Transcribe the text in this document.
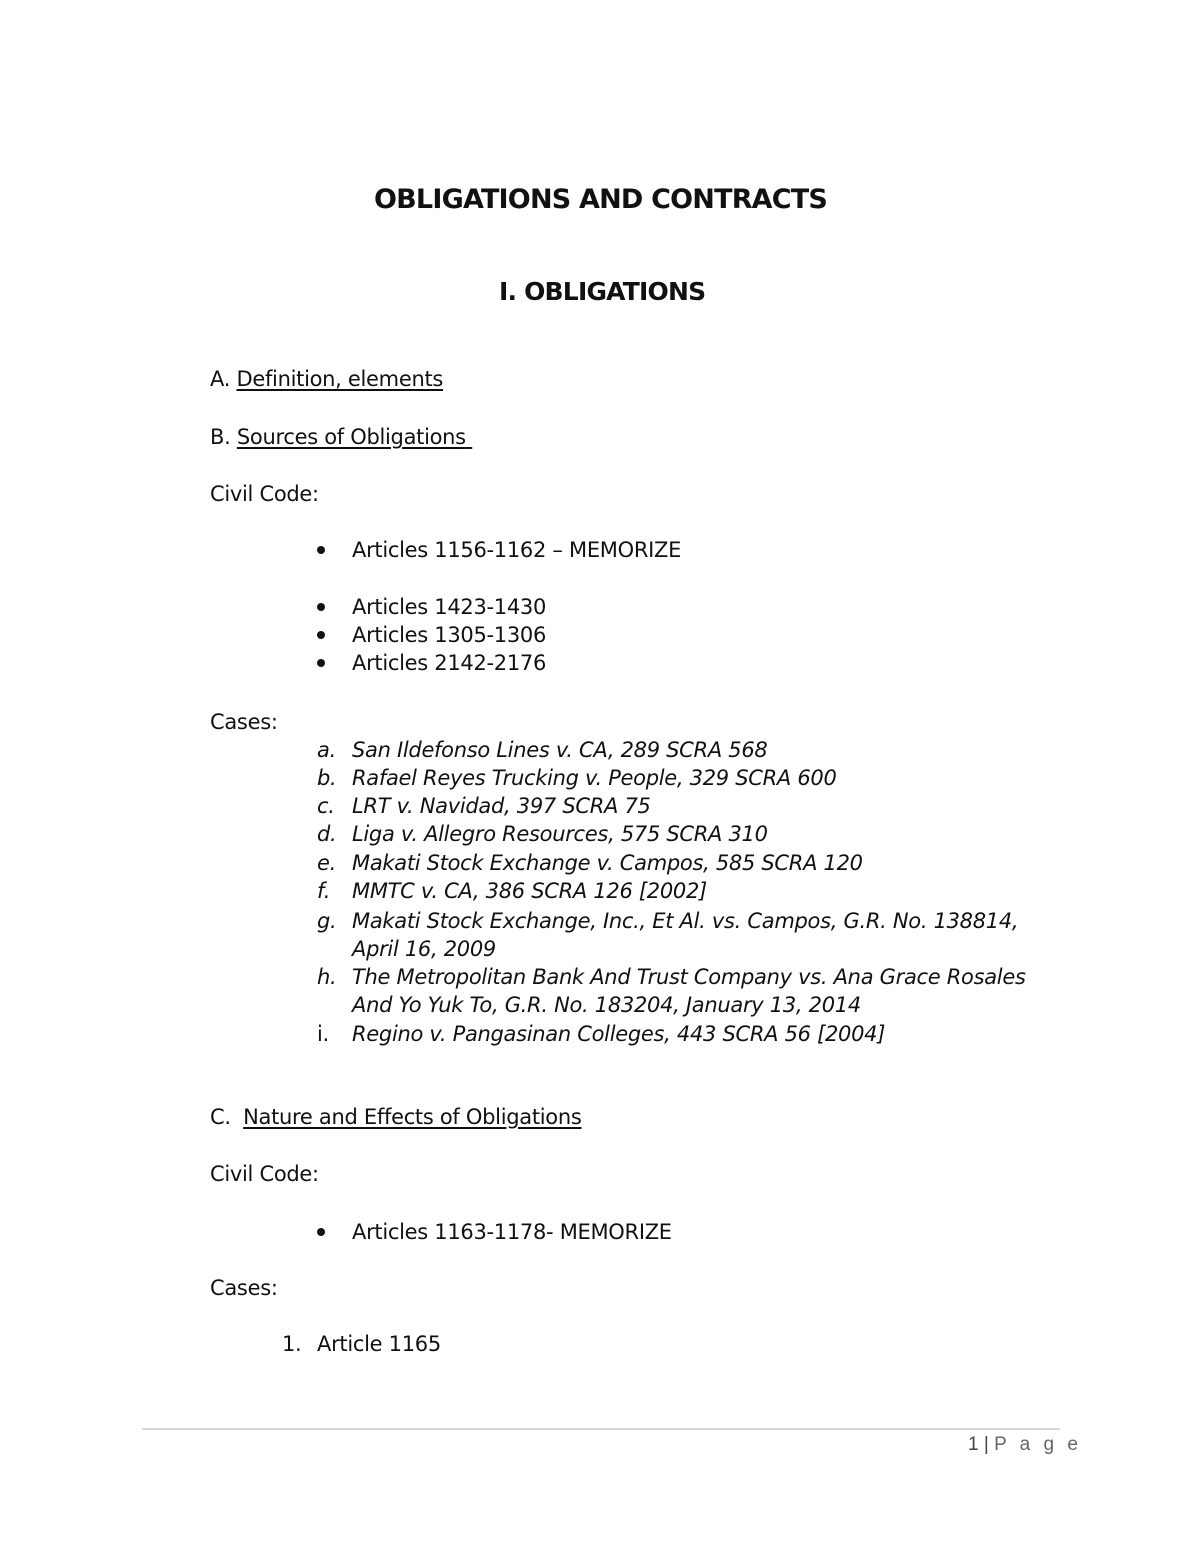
OBLIGATIONS AND CONTRACTS
I. OBLIGATIONS
A. Definition, elements
B. Sources of Obligations
Civil Code:
Articles 1156-1162 – MEMORIZE
Articles 1423-1430
Articles 1305-1306
Articles 2142-2176
Cases:
a. San Ildefonso Lines v. CA, 289 SCRA 568
b. Rafael Reyes Trucking v. People, 329 SCRA 600
c. LRT v. Navidad, 397 SCRA 75
d. Liga v. Allegro Resources, 575 SCRA 310
e. Makati Stock Exchange v. Campos, 585 SCRA 120
f. MMTC v. CA, 386 SCRA 126 [2002]
g. Makati Stock Exchange, Inc., Et Al. vs. Campos, G.R. No. 138814,
April 16, 2009
h. The Metropolitan Bank And Trust Company vs. Ana Grace Rosales
And Yo Yuk To, G.R. No. 183204, January 13, 2014
i. Regino v. Pangasinan Colleges, 443 SCRA 56 [2004]
C. Nature and Effects of Obligations
Civil Code:
Articles 1163-1178- MEMORIZE
Cases:
1. Article 1165
1 | P a g e
